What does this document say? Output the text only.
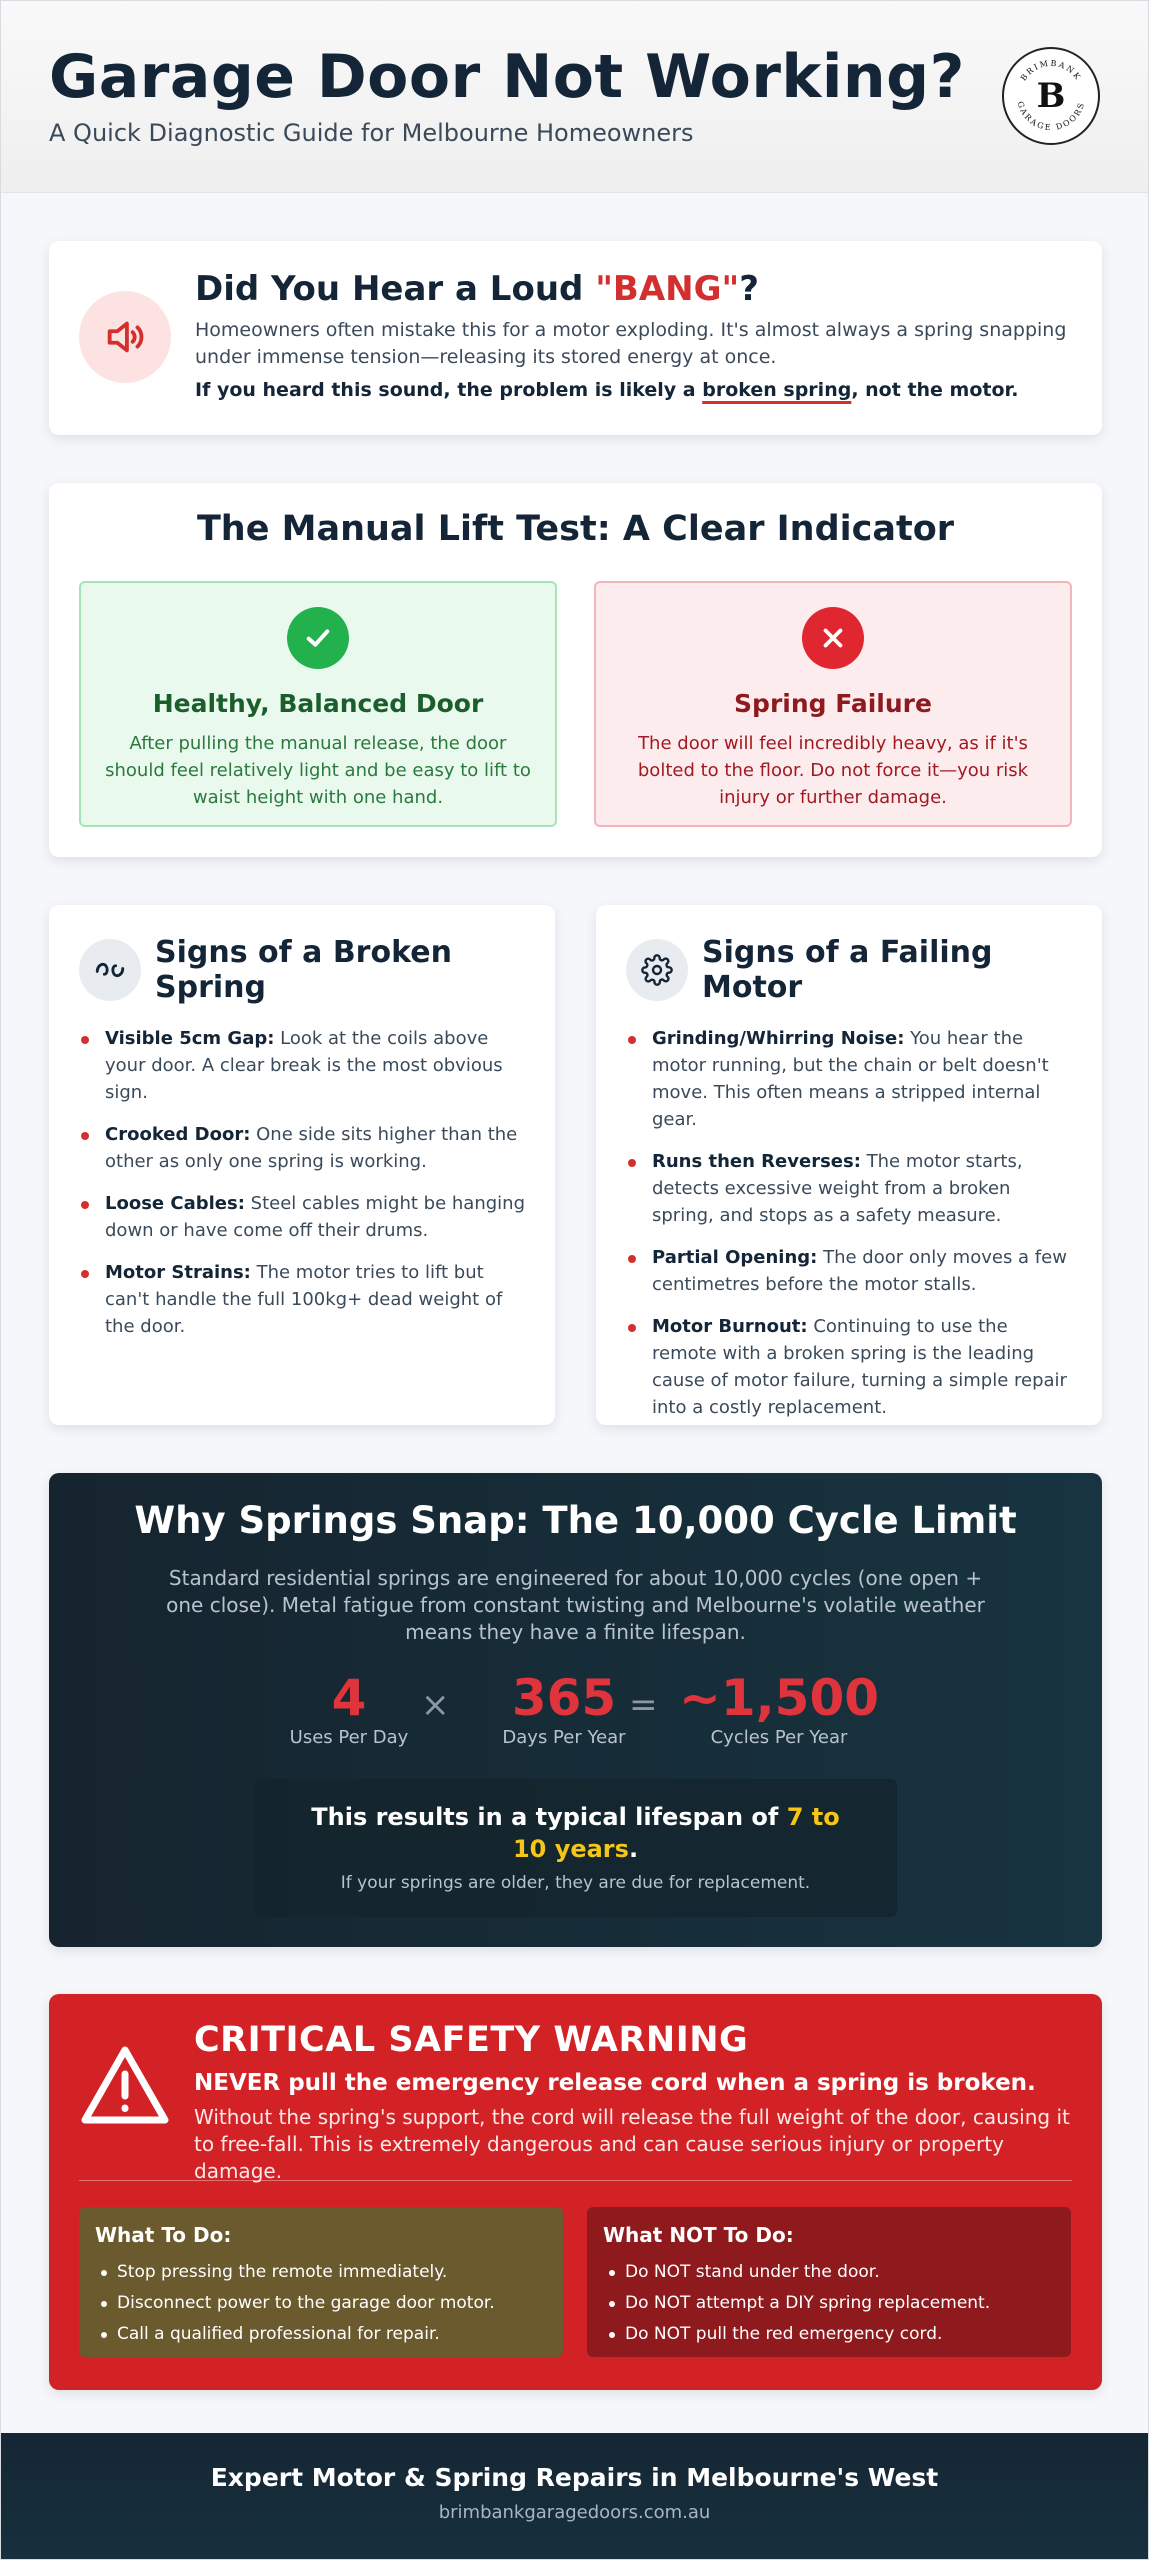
Garage Door Not Working?
A Quick Diagnostic Guide for Melbourne Homeowners
BRIMBANK
GARAGE DOORS
B
Did You Hear a Loud "BANG"?

Homeowners often mistake this for a motor exploding. It's almost always a spring snapping under immense tension—releasing its stored energy at once.

If you heard this sound, the problem is likely a broken spring, not the motor.

The Manual Lift Test: A Clear Indicator
Healthy, Balanced Door

After pulling the manual release, the door should feel relatively light and be easy to lift to waist height with one hand.

Spring Failure

The door will feel incredibly heavy, as if it's bolted to the floor. Do not force it—you risk injury or further damage.

Signs of a Broken Spring
Visible 5cm Gap: Look at the coils above your door. A clear break is the most obvious sign.
Crooked Door: One side sits higher than the other as only one spring is working.
Loose Cables: Steel cables might be hanging down or have come off their drums.
Motor Strains: The motor tries to lift but can't handle the full 100kg+ dead weight of the door.
Signs of a Failing Motor
Grinding/Whirring Noise: You hear the motor running, but the chain or belt doesn't move. This often means a stripped internal gear.
Runs then Reverses: The motor starts, detects excessive weight from a broken spring, and stops as a safety measure.
Partial Opening: The door only moves a few centimetres before the motor stalls.
Motor Burnout: Continuing to use the remote with a broken spring is the leading cause of motor failure, turning a simple repair into a costly replacement.
Why Springs Snap: The 10,000 Cycle Limit
Standard residential springs are engineered for about 10,000 cycles (one open + one close). Metal fatigue from constant twisting and Melbourne's volatile weather means they have a finite lifespan.
4
Uses Per Day
×	365
Days Per Year
= ~1,500
Cycles Per Year
This results in a typical lifespan of 7 to 10 years.
If your springs are older, they are due for replacement.
CRITICAL SAFETY WARNING
NEVER pull the emergency release cord when a spring is broken.
Without the spring's support, the cord will release the full weight of the door, causing it to free-fall. This is extremely dangerous and can cause serious injury or property damage.
What To Do:
Stop pressing the remote immediately.
Disconnect power to the garage door motor.
Call a qualified professional for repair.
What NOT To Do:
Do NOT stand under the door.
Do NOT attempt a DIY spring replacement.
Do NOT pull the red emergency cord.
Expert Motor & Spring Repairs in Melbourne's West
brimbankgaragedoors.com.au
